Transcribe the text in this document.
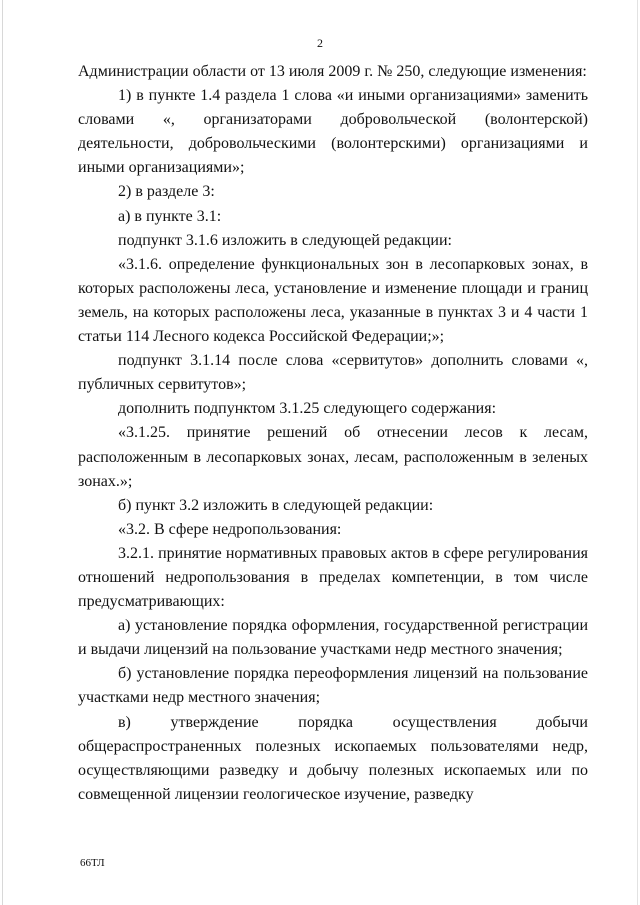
2

Администрации области от 13 июля 2009 г. № 250, следующие изменения:

1) в пункте 1.4 раздела 1 слова «и иными организациями» заменить словами «, организаторами добровольческой (волонтерской) деятельности, добровольческими (волонтерскими) организациями и иными организациями»;

2) в разделе 3:

а) в пункте 3.1:

подпункт 3.1.6 изложить в следующей редакции:

«3.1.6. определение функциональных зон в лесопарковых зонах, в которых расположены леса, установление и изменение площади и границ земель, на которых расположены леса, указанные в пунктах 3 и 4 части 1 статьи 114 Лесного кодекса Российской Федерации;»;

подпункт 3.1.14 после слова «сервитутов» дополнить словами «, публичных сервитутов»;

дополнить подпунктом 3.1.25 следующего содержания:

«3.1.25. принятие решений об отнесении лесов к лесам, расположенным в лесопарковых зонах, лесам, расположенным в зеленых зонах.»;

б) пункт 3.2 изложить в следующей редакции:

«3.2. В сфере недропользования:

3.2.1. принятие нормативных правовых актов в сфере регулирования отношений недропользования в пределах компетенции, в том числе предусматривающих:

а) установление порядка оформления, государственной регистрации и выдачи лицензий на пользование участками недр местного значения;

б) установление порядка переоформления лицензий на пользование участками недр местного значения;

в) утверждение порядка осуществления добычи общераспространенных полезных ископаемых пользователями недр, осуществляющими разведку и добычу полезных ископаемых или по совмещенной лицензии геологическое изучение, разведку

66ТЛ
